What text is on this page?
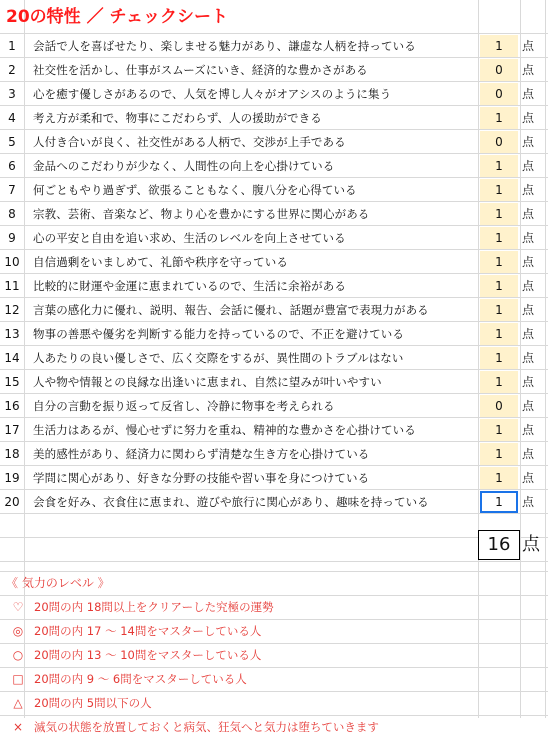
20の特性 ／ チェックシート
1	会話で人を喜ばせたり、楽しませる魅力があり、謙虚な人柄を持っている	1	点
2	社交性を活かし、仕事がスムーズにいき、経済的な豊かさがある	0	点
3	心を癒す優しさがあるので、人気を博し人々がオアシスのように集う	0	点
4	考え方が柔和で、物事にこだわらず、人の援助ができる	1	点
5	人付き合いが良く、社交性がある人柄で、交渉が上手である	0	点
6	金品へのこだわりが少なく、人間性の向上を心掛けている	1	点
7	何ごともやり過ぎず、欲張ることもなく、腹八分を心得ている	1	点
8	宗教、芸術、音楽など、物より心を豊かにする世界に関心がある	1	点
9	心の平安と自由を追い求め、生活のレベルを向上させている	1	点
10	自信過剰をいましめて、礼節や秩序を守っている	1	点
11	比較的に財運や金運に恵まれているので、生活に余裕がある	1	点
12	言葉の感化力に優れ、説明、報告、会話に優れ、話題が豊富で表現力がある	1	点
13	物事の善悪や優劣を判断する能力を持っているので、不正を避けている	1	点
14	人あたりの良い優しさで、広く交際をするが、異性間のトラブルはない	1	点
15	人や物や情報との良縁な出逢いに恵まれ、自然に望みが叶いやすい	1	点
16	自分の言動を振り返って反省し、冷静に物事を考えられる	0	点
17	生活力はあるが、慢心せずに努力を重ね、精神的な豊かさを心掛けている	1	点
18	美的感性があり、経済力に関わらず清楚な生き方を心掛けている	1	点
19	学問に関心があり、好きな分野の技能や習い事を身につけている	1	点
20	会食を好み、衣食住に恵まれ、遊びや旅行に関心があり、趣味を持っている	1	点
16 点
《 気力のレベル 》
♡ 20問の内 18問以上をクリアーした究極の運勢
◎ 20問の内 17 〜 14問をマスターしている人
○ 20問の内 13 〜 10問をマスターしている人
□ 20問の内 9 〜 6問をマスターしている人
△ 20問の内 5問以下の人
× 滅気の状態を放置しておくと病気、狂気へと気力は堕ちていきます
